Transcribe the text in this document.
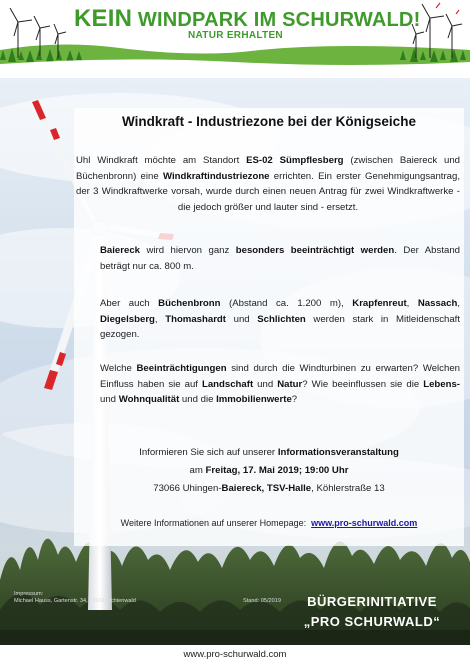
KEIN WINDPARK IM SCHURWALD!
NATUR ERHALTEN
Windkraft - Industriezone bei der Königseiche

Uhl Windkraft möchte am Standort ES-02 Sümpflesberg (zwischen Baiereck und Büchenbronn) eine Windkraftindustriezone errichten. Ein erster Genehmigungsantrag, der 3 Windkraftwerke vorsah, wurde durch einen neuen Antrag für zwei Windkraftwerke - die jedoch größer und lauter sind - ersetzt.

Baiereck wird hiervon ganz besonders beeinträchtigt werden. Der Abstand beträgt nur ca. 800 m.

Aber auch Büchenbronn (Abstand ca. 1.200 m), Krapfenreut, Nassach, Diegelsberg, Thomashardt und Schlichten werden stark in Mitleidenschaft gezogen.

Welche Beeinträchtigungen sind durch die Windturbinen zu erwarten? Welchen Einfluss haben sie auf Landschaft und Natur? Wie beeinflussen sie die Lebens- und Wohnqualität und die Immobilienwerte?

Informieren Sie sich auf unserer Informationsveranstaltung
am Freitag, 17. Mai 2019; 19:00 Uhr
73066 Uhingen-Baiereck, TSV-Halle, Köhlerstraße 13
Weitere Informationen auf unserer Homepage: www.pro-schurwald.com
Impressum:
Michael Hauss, Gartenstr. 34, 73669 Lichtenwald	Stand: 05/2019	BÜRGERINITIATIVE
„PRO SCHURWALD“
www.pro-schurwald.com
